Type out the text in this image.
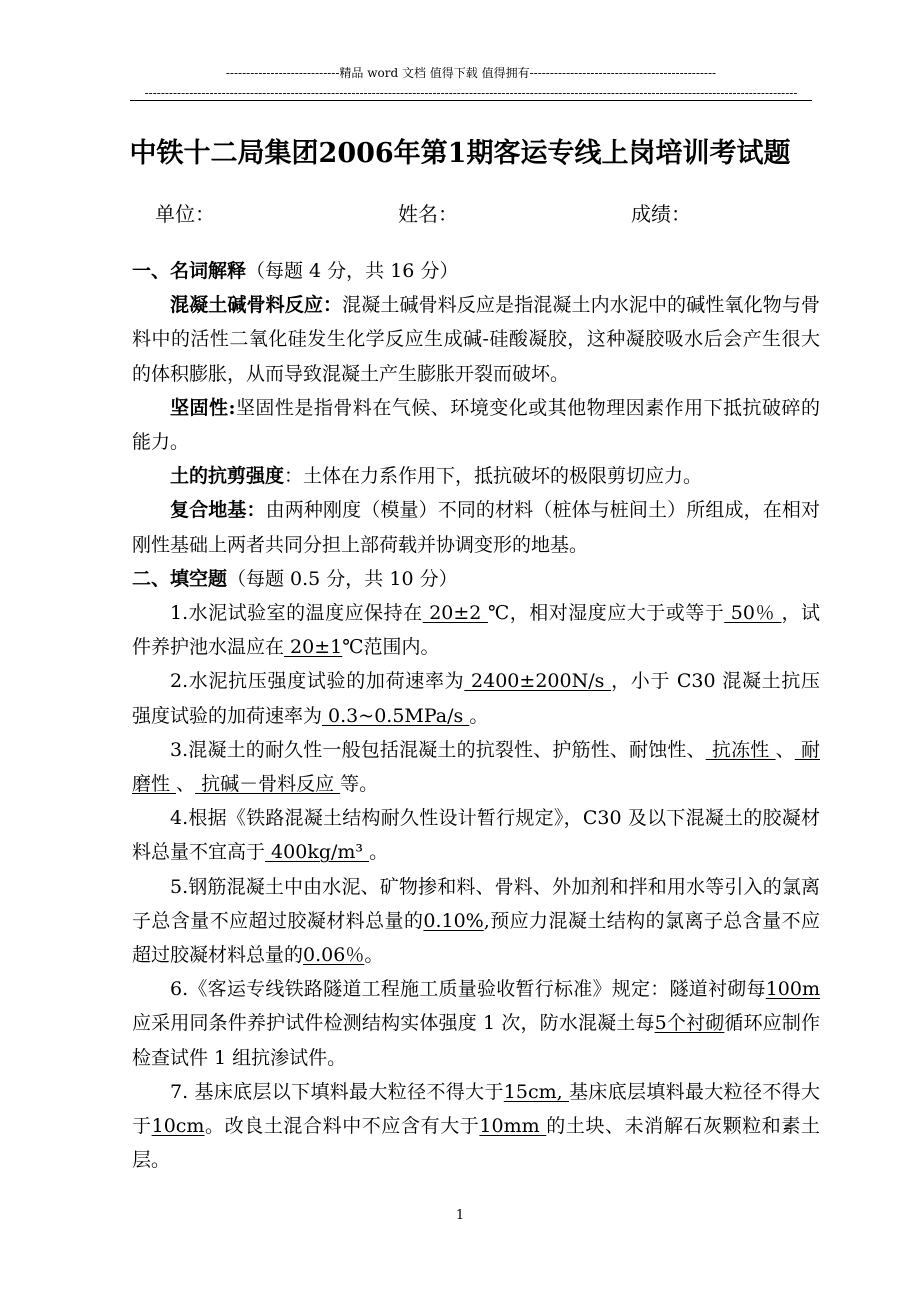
----------------------------精品 word 文档 值得下载 值得拥有----------------------------------------------
-----------------------------------------------------------------------------------------------------------------------------------------------------------------
中铁十二局集团2006年第1期客运专线上岗培训考试题
单位：	姓名：	成绩：

一、名词解释（每题 4 分，共 16 分）

混凝土碱骨料反应：混凝土碱骨料反应是指混凝土内水泥中的碱性氧化物与骨料中的活性二氧化硅发生化学反应生成碱-硅酸凝胶，这种凝胶吸水后会产生很大的体积膨胀，从而导致混凝土产生膨胀开裂而破坏。

坚固性:坚固性是指骨料在气候、环境变化或其他物理因素作用下抵抗破碎的能力。

土的抗剪强度：土体在力系作用下，抵抗破坏的极限剪切应力。

复合地基：由两种刚度（模量）不同的材料（桩体与桩间土）所组成，在相对刚性基础上两者共同分担上部荷载并协调变形的地基。

二、填空题（每题 0.5 分，共 10 分）

1.水泥试验室的温度应保持在 20±2 ℃，相对湿度应大于或等于 50％ ，试件养护池水温应在 20±1℃范围内。

2.水泥抗压强度试验的加荷速率为 2400±200N/s ，小于 C30 混凝土抗压强度试验的加荷速率为 0.3~0.5MPa/s 。

3.混凝土的耐久性一般包括混凝土的抗裂性、护筋性、耐蚀性、 抗冻性 、 耐磨性 、 抗碱－骨料反应 等。

4.根据《铁路混凝土结构耐久性设计暂行规定》，C30 及以下混凝土的胶凝材料总量不宜高于 400kg/m³ 。

5.钢筋混凝土中由水泥、矿物掺和料、骨料、外加剂和拌和用水等引入的氯离子总含量不应超过胶凝材料总量的0.10%,预应力混凝土结构的氯离子总含量不应超过胶凝材料总量的0.06％。

6.《客运专线铁路隧道工程施工质量验收暂行标准》规定：隧道衬砌每100m 应采用同条件养护试件检测结构实体强度 1 次，防水混凝土每5个衬砌循环应制作检查试件 1 组抗渗试件。

7. 基床底层以下填料最大粒径不得大于15cm, 基床底层填料最大粒径不得大于10cm。改良土混合料中不应含有大于10mm 的土块、未消解石灰颗粒和素土层。

1
